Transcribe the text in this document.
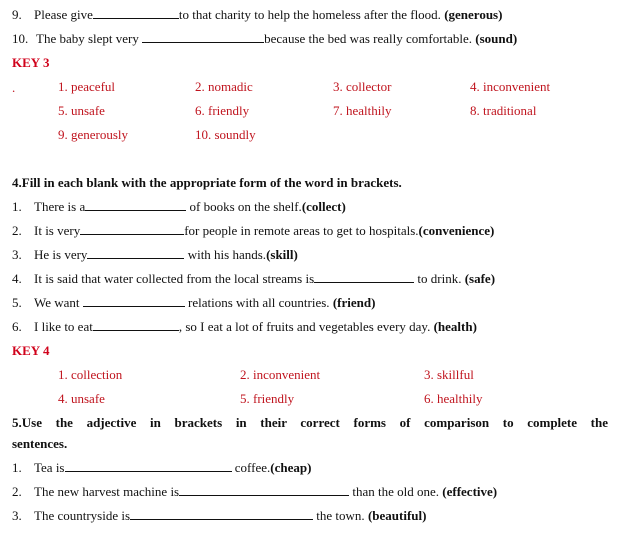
9. Please give	to that charity to help the homeless after the flood. (generous)
10. The baby slept very	because the bed was really comfortable. (sound)
KEY 3
.	1. peaceful	2. nomadic	3. collector	4. inconvenient
5. unsafe	6. friendly	7. healthily	8. traditional
9. generously	10. soundly
4.Fill in each blank with the appropriate form of the word in brackets.
1. There is a	of books on the shelf.(collect)
2. It is very	for people in remote areas to get to hospitals.(convenience)
3. He is very	with his hands.(skill)
4. It is said that water collected from the local streams is	to drink. (safe)
5. We want	relations with all countries. (friend)
6. I like to eat	, so I eat a lot of fruits and vegetables every day. (health)
KEY 4
1. collection	2. inconvenient	3. skillful
4. unsafe	5. friendly	6. healthily
5.Use the adjective in brackets in their correct forms of comparison to complete the
sentences.
1. Tea is	coffee.(cheap)
2. The new harvest machine is	than the old one. (effective)
3. The countryside is	the town. (beautiful)
